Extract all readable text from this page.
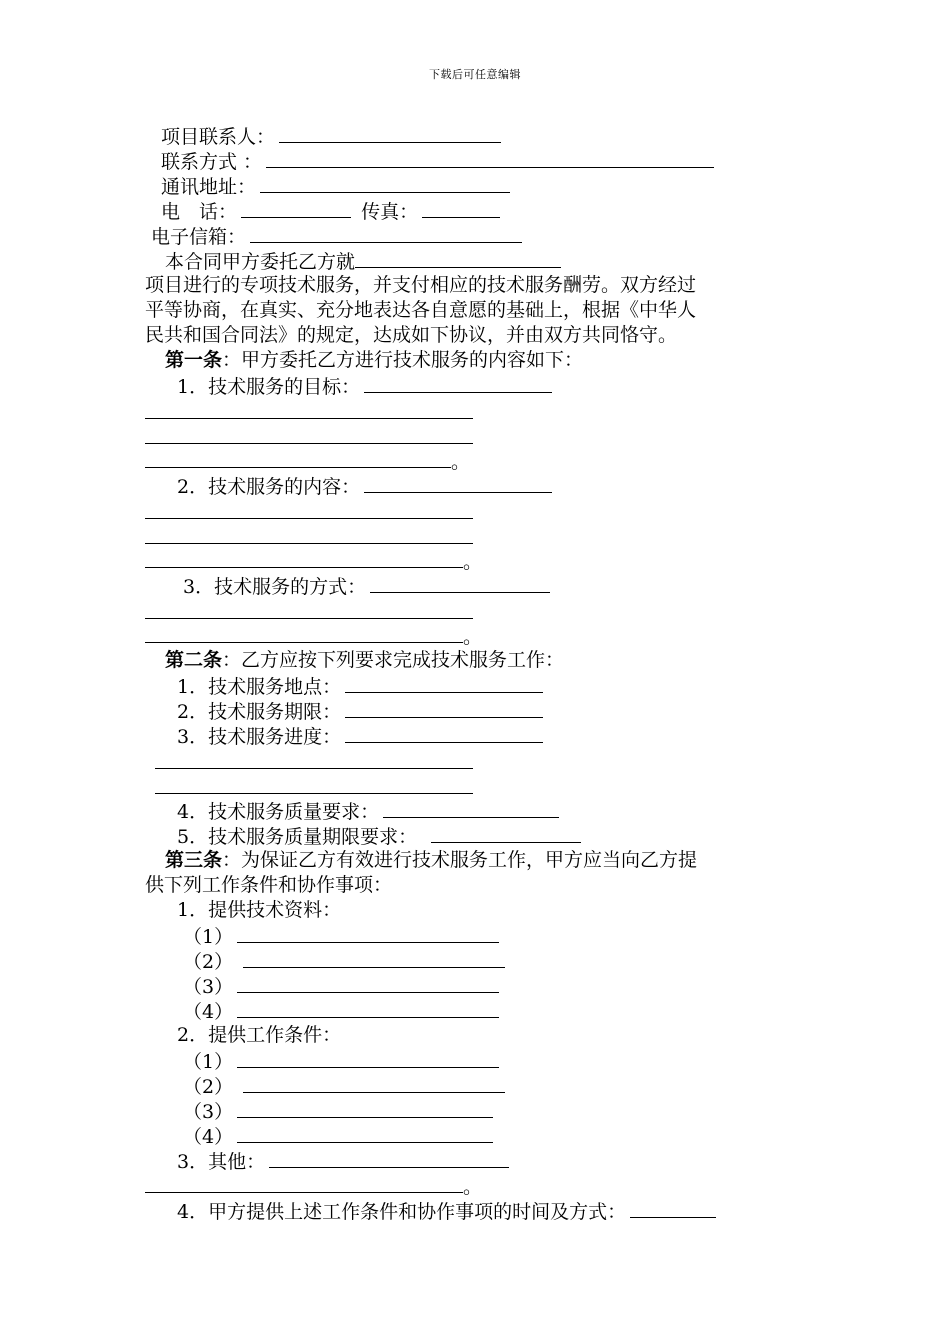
下载后可任意编辑
项目联系人：
联系方式 ：
通讯地址：
电　话：	传真：
电子信箱：
本合同甲方委托乙方就
项目进行的专项技术服务，并支付相应的技术服务酬劳。双方经过
平等协商，在真实、充分地表达各自意愿的基础上，根据《中华人
民共和国合同法》的规定，达成如下协议，并由双方共同恪守。
第一条：甲方委托乙方进行技术服务的内容如下：
1．技术服务的目标：
。
2．技术服务的内容：
。
3．技术服务的方式：
。
第二条：乙方应按下列要求完成技术服务工作：
1．技术服务地点：
2．技术服务期限：
3．技术服务进度：
4．技术服务质量要求：
5．技术服务质量期限要求：
第三条：为保证乙方有效进行技术服务工作，甲方应当向乙方提
供下列工作条件和协作事项：
1．提供技术资料：
（1）
（2）
（3）
（4）
2．提供工作条件：
（1）
（2）
（3）
（4）
3．其他：
。
4．甲方提供上述工作条件和协作事项的时间及方式：
